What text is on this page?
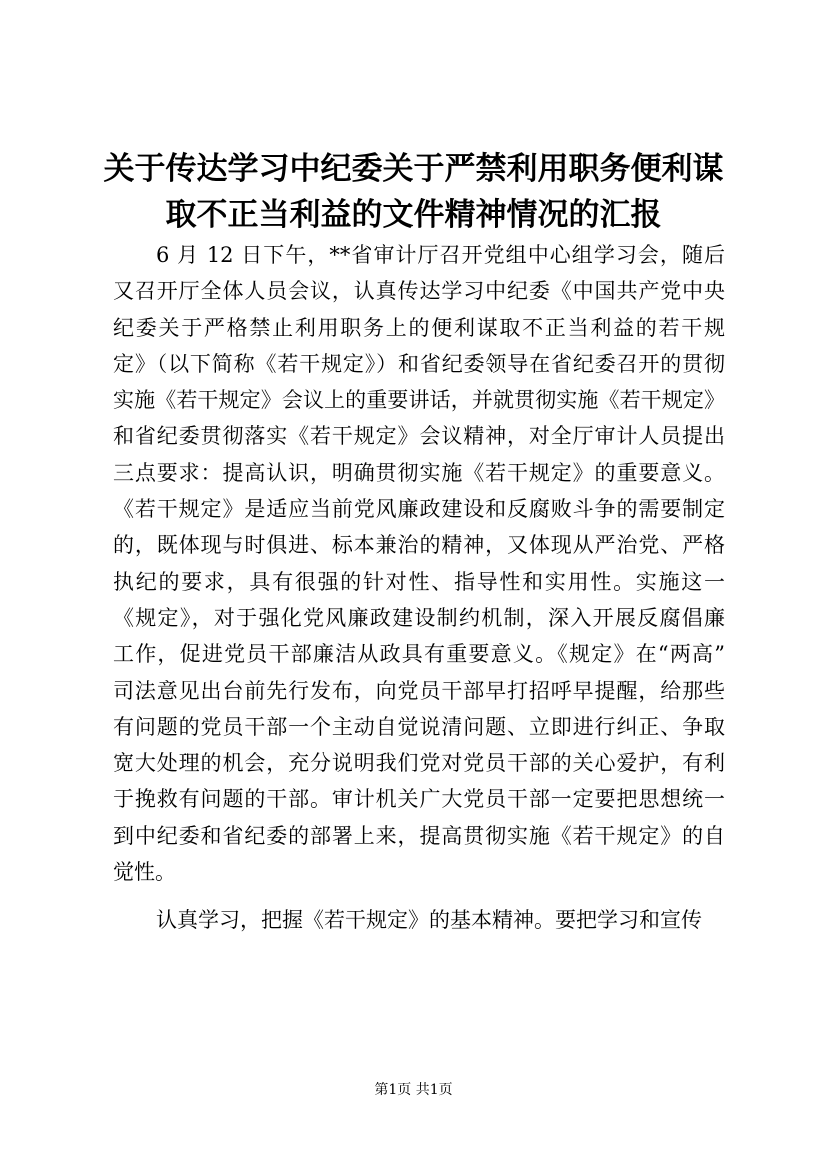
关于传达学习中纪委关于严禁利用职务便利谋
取不正当利益的文件精神情况的汇报
6 月 12 日下午，**省审计厅召开党组中心组学习会，随后
又召开厅全体人员会议，认真传达学习中纪委《中国共产党中央
纪委关于严格禁止利用职务上的便利谋取不正当利益的若干规
定》（以下简称《若干规定》）和省纪委领导在省纪委召开的贯彻
实施《若干规定》会议上的重要讲话，并就贯彻实施《若干规定》
和省纪委贯彻落实《若干规定》会议精神，对全厅审计人员提出
三点要求：提高认识，明确贯彻实施《若干规定》的重要意义。
《若干规定》是适应当前党风廉政建设和反腐败斗争的需要制定
的，既体现与时俱进、标本兼治的精神，又体现从严治党、严格
执纪的要求，具有很强的针对性、指导性和实用性。实施这一
《规定》，对于强化党风廉政建设制约机制，深入开展反腐倡廉
工作，促进党员干部廉洁从政具有重要意义。《规定》在“两高”
司法意见出台前先行发布，向党员干部早打招呼早提醒，给那些
有问题的党员干部一个主动自觉说清问题、立即进行纠正、争取
宽大处理的机会，充分说明我们党对党员干部的关心爱护，有利
于挽救有问题的干部。审计机关广大党员干部一定要把思想统一
到中纪委和省纪委的部署上来，提高贯彻实施《若干规定》的自
觉性。
认真学习，把握《若干规定》的基本精神。要把学习和宣传
第1页 共1页
